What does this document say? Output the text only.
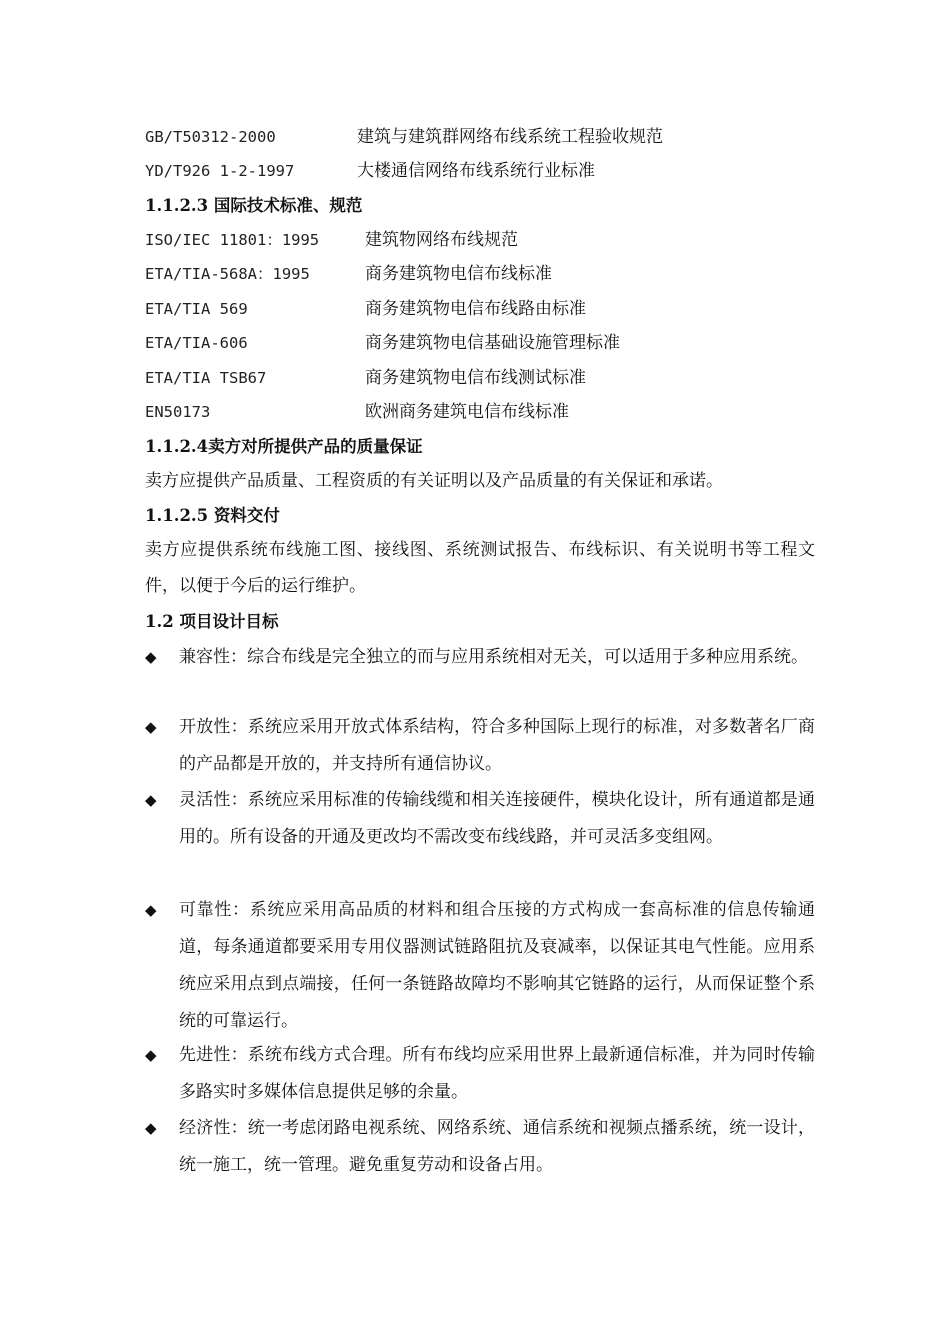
GB/T50312-2000	建筑与建筑群网络布线系统工程验收规范
YD/T926 1-2-1997	大楼通信网络布线系统行业标准
1.1.2.3 国际技术标准、规范
ISO/IEC 11801：1995	建筑物网络布线规范
ETA/TIA-568A：1995	商务建筑物电信布线标准
ETA/TIA 569	商务建筑物电信布线路由标准
ETA/TIA-606	商务建筑物电信基础设施管理标准
ETA/TIA TSB67	商务建筑物电信布线测试标准
EN50173	欧洲商务建筑电信布线标准
1.1.2.4卖方对所提供产品的质量保证
卖方应提供产品质量、工程资质的有关证明以及产品质量的有关保证和承诺。
1.1.2.5 资料交付
卖方应提供系统布线施工图、接线图、系统测试报告、布线标识、有关说明书等工程文件，以便于今后的运行维护。
1.2 项目设计目标
◆ 兼容性：综合布线是完全独立的而与应用系统相对无关，可以适用于多种应用系统。
◆ 开放性：系统应采用开放式体系结构，符合多种国际上现行的标准，对多数著名厂商的产品都是开放的，并支持所有通信协议。
◆ 灵活性：系统应采用标准的传输线缆和相关连接硬件，模块化设计，所有通道都是通用的。所有设备的开通及更改均不需改变布线线路，并可灵活多变组网。
◆ 可靠性：系统应采用高品质的材料和组合压接的方式构成一套高标准的信息传输通道，每条通道都要采用专用仪器测试链路阻抗及衰减率，以保证其电气性能。应用系统应采用点到点端接，任何一条链路故障均不影响其它链路的运行，从而保证整个系统的可靠运行。
◆ 先进性：系统布线方式合理。所有布线均应采用世界上最新通信标准，并为同时传输多路实时多媒体信息提供足够的余量。
◆ 经济性：统一考虑闭路电视系统、网络系统、通信系统和视频点播系统，统一设计，统一施工，统一管理。避免重复劳动和设备占用。
